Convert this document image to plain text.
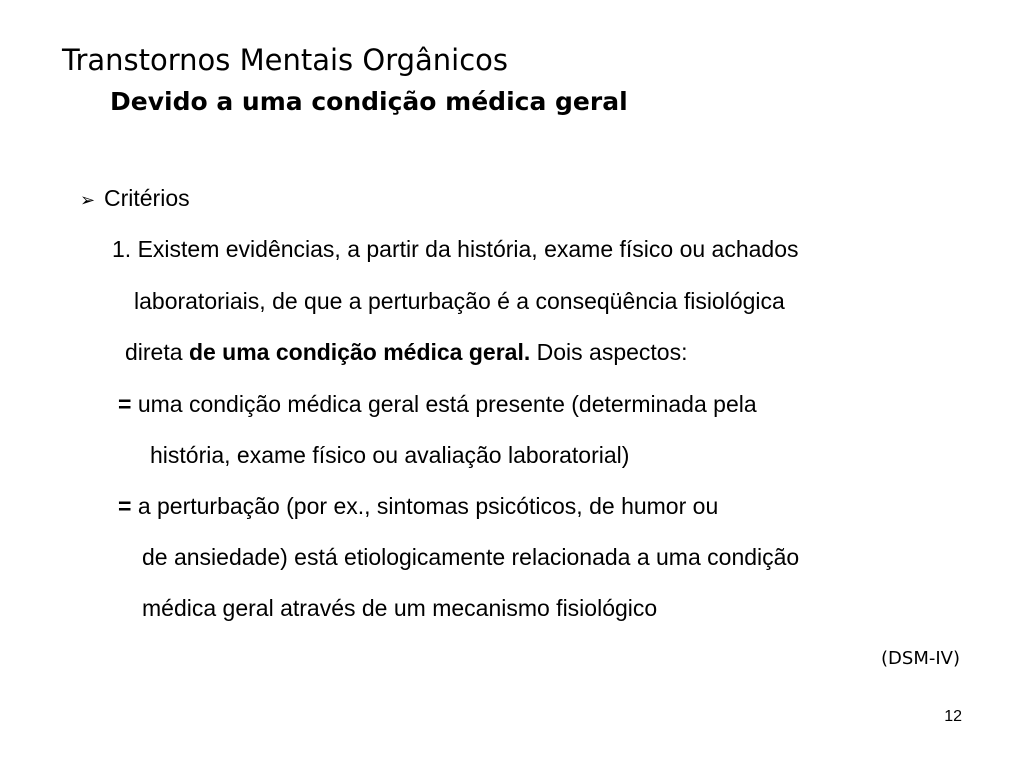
Transtornos Mentais Orgânicos
Devido a uma condição médica geral
➢ Critérios
1. Existem evidências, a partir da história, exame físico ou achados
laboratoriais, de que a perturbação é a conseqüência fisiológica
direta de uma condição médica geral. Dois aspectos:
= uma condição médica geral está presente (determinada pela
história, exame físico ou avaliação laboratorial)
= a perturbação (por ex., sintomas psicóticos, de humor ou
de ansiedade) está etiologicamente relacionada a uma condição
médica geral através de um mecanismo fisiológico
(DSM-IV)
12
